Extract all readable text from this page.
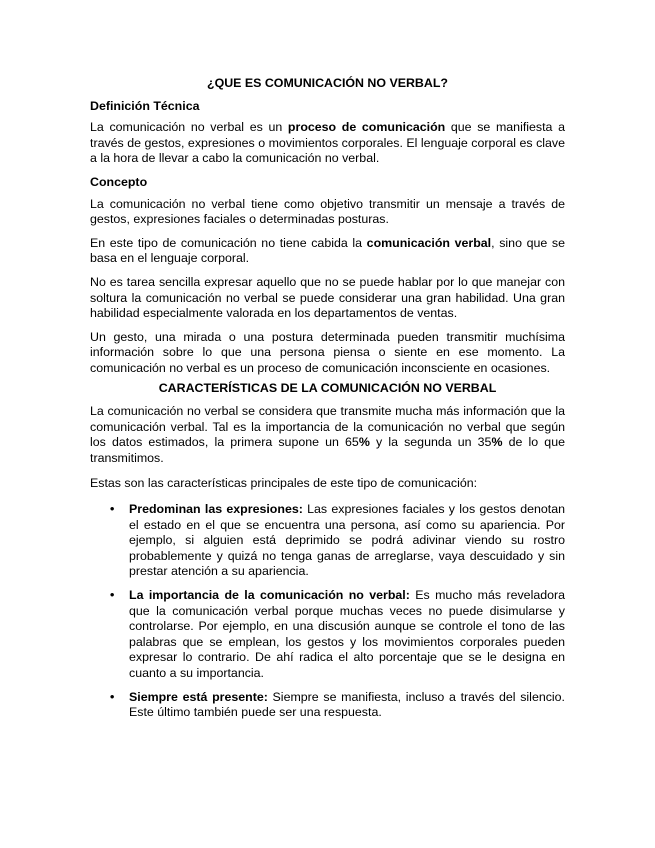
¿QUE ES COMUNICACIÓN NO VERBAL?
Definición Técnica

La comunicación no verbal es un proceso de comunicación que se manifiesta a través de gestos, expresiones o movimientos corporales. El lenguaje corporal es clave a la hora de llevar a cabo la comunicación no verbal.

Concepto

La comunicación no verbal tiene como objetivo transmitir un mensaje a través de gestos, expresiones faciales o determinadas posturas.

En este tipo de comunicación no tiene cabida la comunicación verbal, sino que se basa en el lenguaje corporal.

No es tarea sencilla expresar aquello que no se puede hablar por lo que manejar con soltura la comunicación no verbal se puede considerar una gran habilidad. Una gran habilidad especialmente valorada en los departamentos de ventas.

Un gesto, una mirada o una postura determinada pueden transmitir muchísima información sobre lo que una persona piensa o siente en ese momento. La comunicación no verbal es un proceso de comunicación inconsciente en ocasiones.

CARACTERÍSTICAS DE LA COMUNICACIÓN NO VERBAL

La comunicación no verbal se considera que transmite mucha más información que la comunicación verbal. Tal es la importancia de la comunicación no verbal que según los datos estimados, la primera supone un 65% y la segunda un 35% de lo que transmitimos.

Estas son las características principales de este tipo de comunicación:

• Predominan las expresiones: Las expresiones faciales y los gestos denotan el estado en el que se encuentra una persona, así como su apariencia. Por ejemplo, si alguien está deprimido se podrá adivinar viendo su rostro probablemente y quizá no tenga ganas de arreglarse, vaya descuidado y sin prestar atención a su apariencia.
• La importancia de la comunicación no verbal: Es mucho más reveladora que la comunicación verbal porque muchas veces no puede disimularse y controlarse. Por ejemplo, en una discusión aunque se controle el tono de las palabras que se emplean, los gestos y los movimientos corporales pueden expresar lo contrario. De ahí radica el alto porcentaje que se le designa en cuanto a su importancia.
• Siempre está presente: Siempre se manifiesta, incluso a través del silencio. Este último también puede ser una respuesta.
